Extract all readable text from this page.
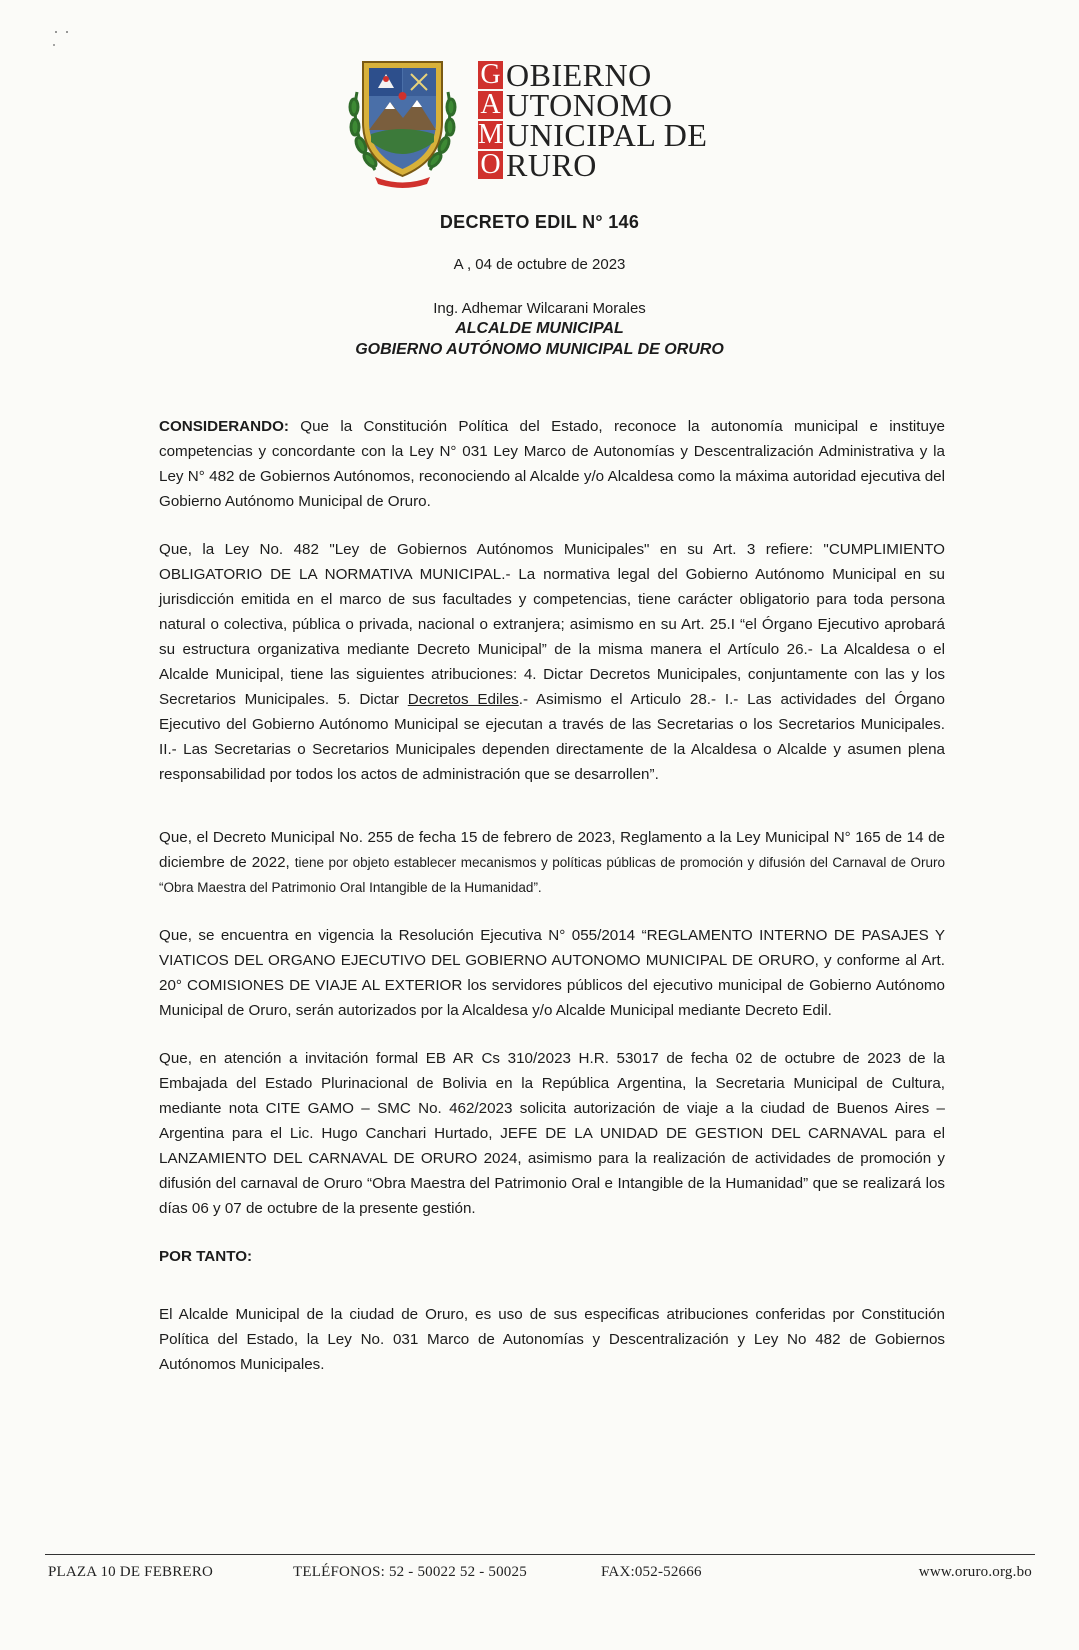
G OBIERNO
A UTONOMO
M UNICIPAL DE
O RURO
DECRETO EDIL N° 146
A , 04 de octubre de 2023
Ing. Adhemar Wilcarani Morales
ALCALDE MUNICIPAL
GOBIERNO AUTÓNOMO MUNICIPAL DE ORURO

CONSIDERANDO: Que la Constitución Política del Estado, reconoce la autonomía municipal e instituye competencias y concordante con la Ley N° 031 Ley Marco de Autonomías y Descentralización Administrativa y la Ley N° 482 de Gobiernos Autónomos, reconociendo al Alcalde y/o Alcaldesa como la máxima autoridad ejecutiva del Gobierno Autónomo Municipal de Oruro.

Que, la Ley No. 482 "Ley de Gobiernos Autónomos Municipales" en su Art. 3 refiere: "CUMPLIMIENTO OBLIGATORIO DE LA NORMATIVA MUNICIPAL.- La normativa legal del Gobierno Autónomo Municipal en su jurisdicción emitida en el marco de sus facultades y competencias, tiene carácter obligatorio para toda persona natural o colectiva, pública o privada, nacional o extranjera; asimismo en su Art. 25.I “el Órgano Ejecutivo aprobará su estructura organizativa mediante Decreto Municipal” de la misma manera el Artículo 26.- La Alcaldesa o el Alcalde Municipal, tiene las siguientes atribuciones: 4. Dictar Decretos Municipales, conjuntamente con las y los Secretarios Municipales. 5. Dictar Decretos Ediles.- Asimismo el Articulo 28.- I.- Las actividades del Órgano Ejecutivo del Gobierno Autónomo Municipal se ejecutan a través de las Secretarias o los Secretarios Municipales. II.- Las Secretarias o Secretarios Municipales dependen directamente de la Alcaldesa o Alcalde y asumen plena responsabilidad por todos los actos de administración que se desarrollen”.

Que, el Decreto Municipal No. 255 de fecha 15 de febrero de 2023, Reglamento a la Ley Municipal N° 165 de 14 de diciembre de 2022, tiene por objeto establecer mecanismos y políticas públicas de promoción y difusión del Carnaval de Oruro “Obra Maestra del Patrimonio Oral Intangible de la Humanidad”.

Que, se encuentra en vigencia la Resolución Ejecutiva N° 055/2014 “REGLAMENTO INTERNO DE PASAJES Y VIATICOS DEL ORGANO EJECUTIVO DEL GOBIERNO AUTONOMO MUNICIPAL DE ORURO, y conforme al Art. 20° COMISIONES DE VIAJE AL EXTERIOR los servidores públicos del ejecutivo municipal de Gobierno Autónomo Municipal de Oruro, serán autorizados por la Alcaldesa y/o Alcalde Municipal mediante Decreto Edil.

Que, en atención a invitación formal EB AR Cs 310/2023 H.R. 53017 de fecha 02 de octubre de 2023 de la Embajada del Estado Plurinacional de Bolivia en la República Argentina, la Secretaria Municipal de Cultura, mediante nota CITE GAMO – SMC No. 462/2023 solicita autorización de viaje a la ciudad de Buenos Aires – Argentina para el Lic. Hugo Canchari Hurtado, JEFE DE LA UNIDAD DE GESTION DEL CARNAVAL para el LANZAMIENTO DEL CARNAVAL DE ORURO 2024, asimismo para la realización de actividades de promoción y difusión del carnaval de Oruro “Obra Maestra del Patrimonio Oral e Intangible de la Humanidad” que se realizará los días 06 y 07 de octubre de la presente gestión.

POR TANTO:

El Alcalde Municipal de la ciudad de Oruro, es uso de sus especificas atribuciones conferidas por Constitución Política del Estado, la Ley No. 031 Marco de Autonomías y Descentralización y Ley No 482 de Gobiernos Autónomos Municipales.

PLAZA 10 DE FEBRERO	TELÉFONOS: 52 - 50022 52 - 50025	FAX:052-52666	www.oruro.org.bo
